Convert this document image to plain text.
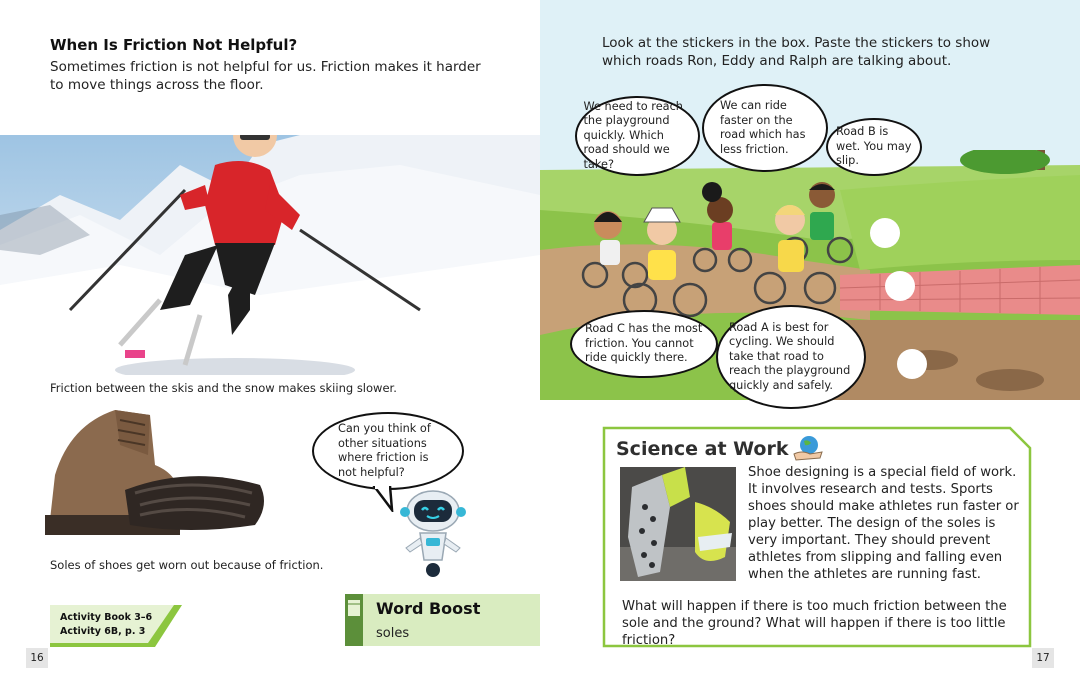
When Is Friction Not Helpful?
Sometimes friction is not helpful for us. Friction makes it harder to move things across the floor.
Friction between the skis and the snow makes skiing slower.
Soles of shoes get worn out because of friction.
Can you think of other situations where friction is not helpful?
Activity Book 3–6
Activity 6B, p. 3
Word Boost
soles
16
Look at the stickers in the box. Paste the stickers to show which roads Ron, Eddy and Ralph are talking about.
We need to reach the playground quickly. Which road should we take?
We can ride faster on the road which has less friction.
Road B is wet. You may slip.
Road C has the most friction. You cannot ride quickly there.
Road A is best for cycling. We should take that road to reach the playground quickly and safely.
Science at Work
Shoe designing is a special field of work. It involves research and tests. Sports shoes should make athletes run faster or play better. The design of the soles is very important. They should prevent athletes from slipping and falling even when the athletes are running fast.
What will happen if there is too much friction between the sole and the ground? What will happen if there is too little friction?
17
